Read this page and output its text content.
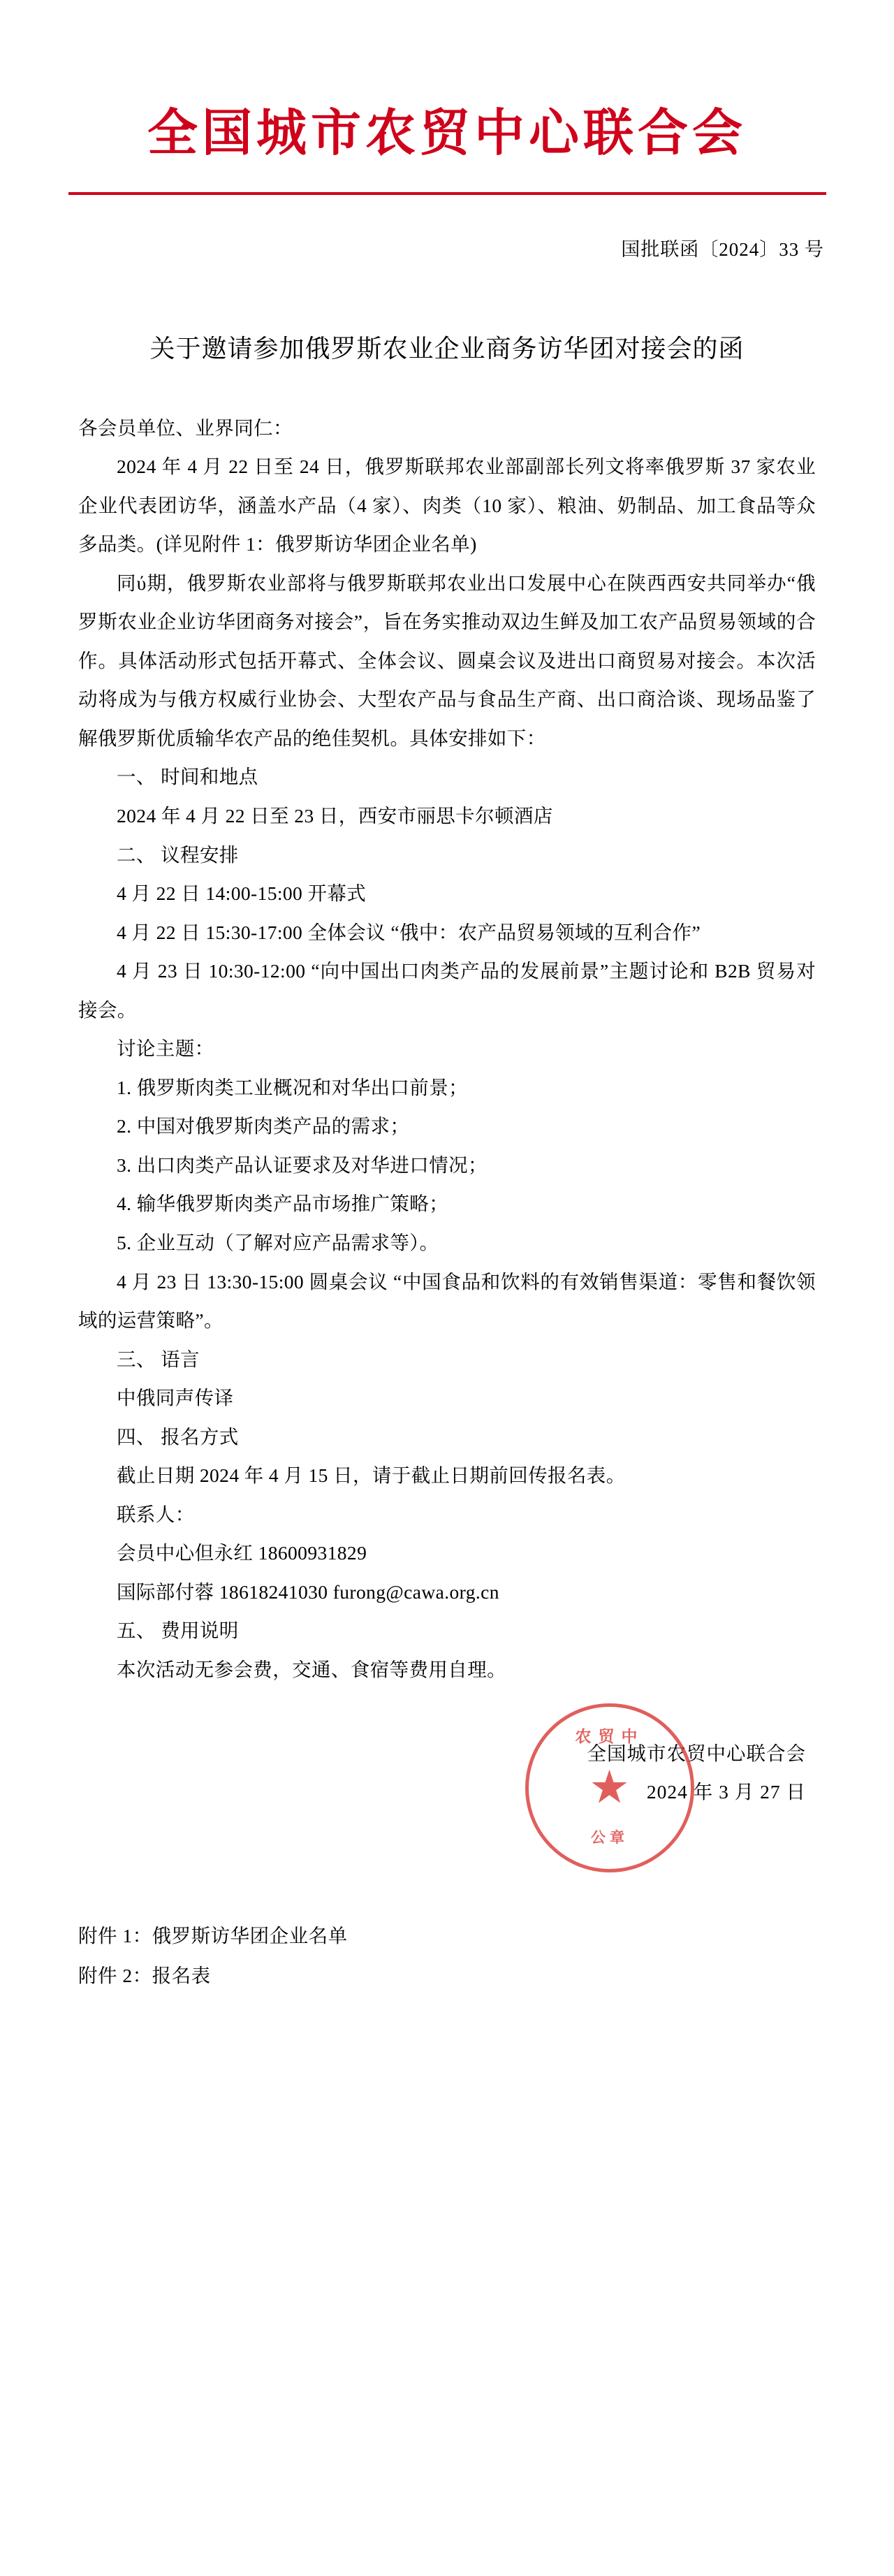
全国城市农贸中心联合会
国批联函〔2024〕33 号
关于邀请参加俄罗斯农业企业商务访华团对接会的函

各会员单位、业界同仁：

2024 年 4 月 22 日至 24 日，俄罗斯联邦农业部副部长列文将率俄罗斯 37 家农业企业代表团访华，涵盖水产品（4 家）、肉类（10 家）、粮油、奶制品、加工食品等众多品类。(详见附件 1：俄罗斯访华团企业名单)

同ύ期，俄罗斯农业部将与俄罗斯联邦农业出口发展中心在陕西西安共同举办“俄罗斯农业企业访华团商务对接会”，旨在务实推动双边生鲜及加工农产品贸易领域的合作。具体活动形式包括开幕式、全体会议、圆桌会议及进出口商贸易对接会。本次活动将成为与俄方权威行业协会、大型农产品与食品生产商、出口商洽谈、现场品鉴了解俄罗斯优质输华农产品的绝佳契机。具体安排如下：

一、 时间和地点

2024 年 4 月 22 日至 23 日，西安市丽思卡尔顿酒店

二、 议程安排

4 月 22 日 14:00-15:00 开幕式

4 月 22 日 15:30-17:00 全体会议 “俄中：农产品贸易领域的互利合作”

4 月 23 日 10:30-12:00 “向中国出口肉类产品的发展前景”主题讨论和 B2B 贸易对接会。

讨论主题：

1. 俄罗斯肉类工业概况和对华出口前景；

2. 中国对俄罗斯肉类产品的需求；

3. 出口肉类产品认证要求及对华进口情况；

4. 输华俄罗斯肉类产品市场推广策略；

5. 企业互动（了解对应产品需求等）。

4 月 23 日 13:30-15:00 圆桌会议 “中国食品和饮料的有效销售渠道：零售和餐饮领域的运营策略”。

三、 语言

中俄同声传译

四、 报名方式

截止日期 2024 年 4 月 15 日，请于截止日期前回传报名表。

联系人：

会员中心但永红 18600931829

国际部付蓉 18618241030 furong@cawa.org.cn

五、 费用说明

本次活动无参会费，交通、食宿等费用自理。

农贸中
★
公章
全国城市农贸中心联合会
2024 年 3 月 27 日

附件 1：俄罗斯访华团企业名单

附件 2：报名表
